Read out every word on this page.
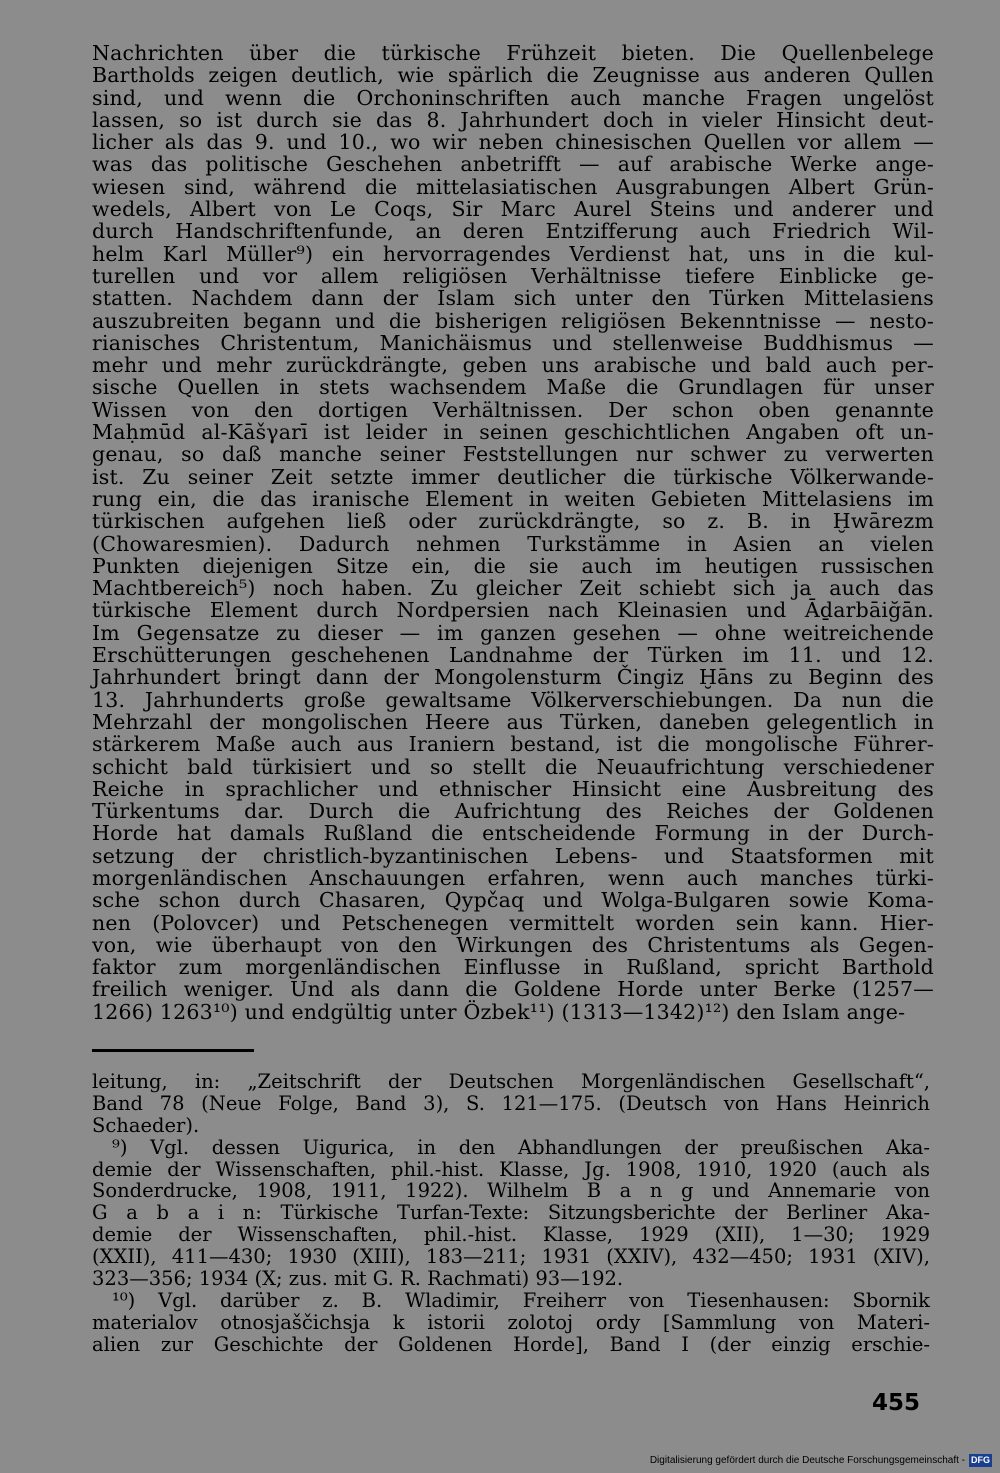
Nachrichten über die türkische Frühzeit bieten. Die Quellenbelege
Bartholds zeigen deutlich, wie spärlich die Zeugnisse aus anderen Qullen
sind, und wenn die Orchoninschriften auch manche Fragen ungelöst
lassen, so ist durch sie das 8. Jahrhundert doch in vieler Hinsicht deut-
licher als das 9. und 10., wo wir neben chinesischen Quellen vor allem —
was das politische Geschehen anbetrifft — auf arabische Werke ange-
wiesen sind, während die mittelasiatischen Ausgrabungen Albert Grün-
wedels, Albert von Le Coqs, Sir Marc Aurel Steins und anderer und
durch Handschriftenfunde, an deren Entzifferung auch Friedrich Wil-
helm Karl Müller⁹) ein hervorragendes Verdienst hat, uns in die kul-
turellen und vor allem religiösen Verhältnisse tiefere Einblicke ge-
statten. Nachdem dann der Islam sich unter den Türken Mittelasiens
auszubreiten begann und die bisherigen religiösen Bekenntnisse — nesto-
rianisches Christentum, Manichäismus und stellenweise Buddhismus —
mehr und mehr zurückdrängte, geben uns arabische und bald auch per-
sische Quellen in stets wachsendem Maße die Grundlagen für unser
Wissen von den dortigen Verhältnissen. Der schon oben genannte
Maḥmūd al-Kāšγarī ist leider in seinen geschichtlichen Angaben oft un-
genau, so daß manche seiner Feststellungen nur schwer zu verwerten
ist. Zu seiner Zeit setzte immer deutlicher die türkische Völkerwande-
rung ein, die das iranische Element in weiten Gebieten Mittelasiens im
türkischen aufgehen ließ oder zurückdrängte, so z. B. in Ḫwārezm
(Chowaresmien). Dadurch nehmen Turkstämme in Asien an vielen
Punkten diejenigen Sitze ein, die sie auch im heutigen russischen
Machtbereich⁵) noch haben. Zu gleicher Zeit schiebt sich ja auch das
türkische Element durch Nordpersien nach Kleinasien und Āḏarbāiğān.
Im Gegensatze zu dieser — im ganzen gesehen — ohne weitreichende
Erschütterungen geschehenen Landnahme der Türken im 11. und 12.
Jahrhundert bringt dann der Mongolensturm Čingiz Ḫāns zu Beginn des
13. Jahrhunderts große gewaltsame Völkerverschiebungen. Da nun die
Mehrzahl der mongolischen Heere aus Türken, daneben gelegentlich in
stärkerem Maße auch aus Iraniern bestand, ist die mongolische Führer-
schicht bald türkisiert und so stellt die Neuaufrichtung verschiedener
Reiche in sprachlicher und ethnischer Hinsicht eine Ausbreitung des
Türkentums dar. Durch die Aufrichtung des Reiches der Goldenen
Horde hat damals Rußland die entscheidende Formung in der Durch-
setzung der christlich-byzantinischen Lebens- und Staatsformen mit
morgenländischen Anschauungen erfahren, wenn auch manches türki-
sche schon durch Chasaren, Qypčaq und Wolga-Bulgaren sowie Koma-
nen (Polovcer) und Petschenegen vermittelt worden sein kann. Hier-
von, wie überhaupt von den Wirkungen des Christentums als Gegen-
faktor zum morgenländischen Einflusse in Rußland, spricht Barthold
freilich weniger. Und als dann die Goldene Horde unter Berke (1257—
1266) 1263¹⁰) und endgültig unter Özbek¹¹) (1313—1342)¹²) den Islam ange-
leitung, in: „Zeitschrift der Deutschen Morgenländischen Gesellschaft“,
Band 78 (Neue Folge, Band 3), S. 121—175. (Deutsch von Hans Heinrich
Schaeder).
⁹) Vgl. dessen Uigurica, in den Abhandlungen der preußischen Aka-
demie der Wissenschaften, phil.-hist. Klasse, Jg. 1908, 1910, 1920 (auch als
Sonderdrucke, 1908, 1911, 1922). Wilhelm B a n g und Annemarie von
G a b a i n: Türkische Turfan-Texte: Sitzungsberichte der Berliner Aka-
demie der Wissenschaften, phil.-hist. Klasse, 1929 (XII), 1—30; 1929
(XXII), 411—430; 1930 (XIII), 183—211; 1931 (XXIV), 432—450; 1931 (XIV),
323—356; 1934 (X; zus. mit G. R. Rachmati) 93—192.
¹⁰) Vgl. darüber z. B. Wladimir, Freiherr von Tiesenhausen: Sbornik
materialov otnosjaščichsja k istorii zolotoj ordy [Sammlung von Materi-
alien zur Geschichte der Goldenen Horde], Band I (der einzig erschie-
455
Digitalisierung gefördert durch die Deutsche Forschungsgemeinschaft - DFG
